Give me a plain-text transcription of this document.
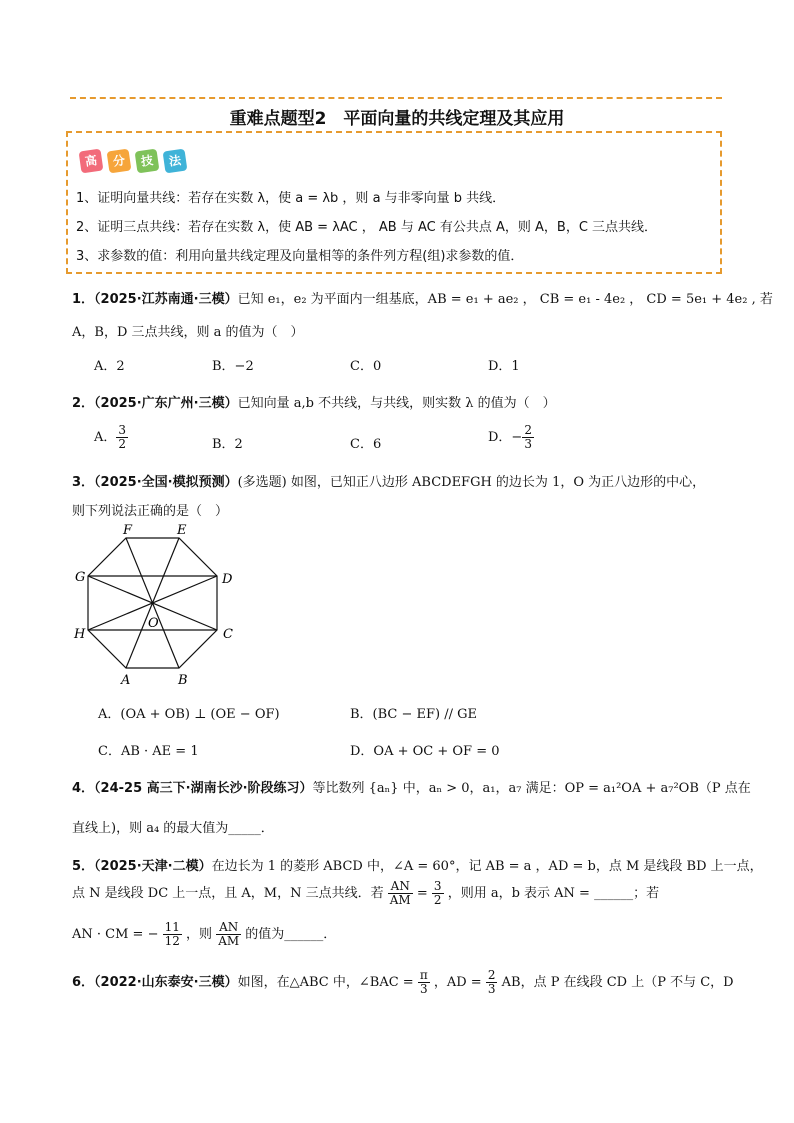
重难点题型2　平面向量的共线定理及其应用
高	分	技	法
1、证明向量共线：若存在实数 λ，使 a = λb ，则 a 与非零向量 b 共线．
2、证明三点共线：若存在实数 λ，使 AB = λAC ， AB 与 AC 有公共点 A，则 A，B，C 三点共线．
3、求参数的值：利用向量共线定理及向量相等的条件列方程(组)求参数的值．
1．（2025·江苏南通·三模）已知 e₁，e₂ 为平面内一组基底，AB = e₁ + ae₂ ， CB = e₁ - 4e₂ ， CD = 5e₁ + 4e₂ , 若
A，B，D 三点共线，则 a 的值为（　）
A．2	B．−2	C．0	D．1
2．（2025·广东广州·三模）已知向量 a,b 不共线，与共线，则实数 λ 的值为（　）
A． $\frac{3}{2}$	B．2	C．6	D．− $\frac{2}{3}$
3．（2025·全国·模拟预测）(多选题) 如图，已知正八边形 ABCDEFGH 的边长为 1，O 为正八边形的中心，
则下列说法正确的是（　）
F	E
G	D
H	C
A	B
O
A．(OA + OB) ⊥ (OE − OF)	B．(BC − EF) // GE
C．AB · AE = 1	D．OA + OC + OF = 0
4．（24-25 高三下·湖南长沙·阶段练习）等比数列 {aₙ} 中，aₙ > 0，a₁，a₇ 满足：OP = a₁²OA + a₇²OB（P 点在
直线上)，则 a₄ 的最大值为_____．
5．（2025·天津·二模）在边长为 1 的菱形 ABCD 中，∠A = 60°，记 AB = a ，AD = b，点 M 是线段 BD 上一点，
点 N 是线段 DC 上一点，且 A，M，N 三点共线．若 $\frac{AN}{AM} = \frac{3}{2}$ ，则用 a，b 表示 AN = ______；若
AN · CM = − $\frac{11}{12}$ ，则 $\frac{AN}{AM}$ 的值为______．
6．（2022·山东泰安·三模）如图，在△ABC 中，∠BAC = $\frac{\pi}{3}$ ，AD = $\frac{2}{3}$ AB，点 P 在线段 CD 上（P 不与 C，D
